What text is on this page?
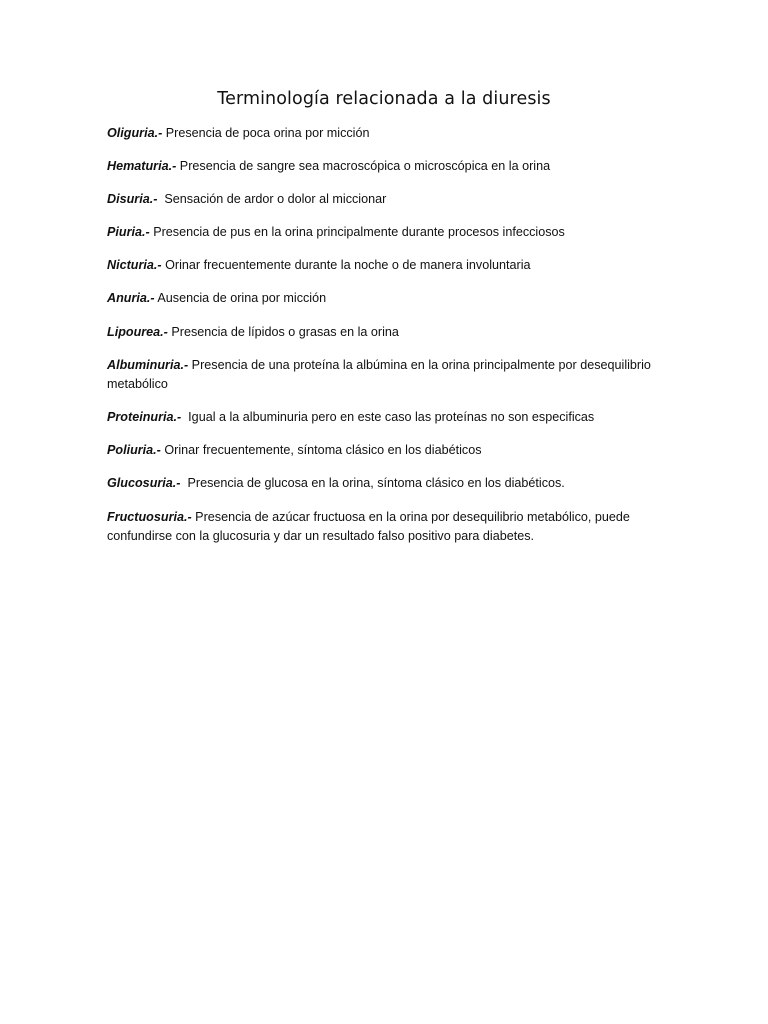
Terminología relacionada a la diuresis

Oliguria.- Presencia de poca orina por micción

Hematuria.- Presencia de sangre sea macroscópica o microscópica en la orina

Disuria.-  Sensación de ardor o dolor al miccionar

Piuria.- Presencia de pus en la orina principalmente durante procesos infecciosos

Nicturia.- Orinar frecuentemente durante la noche o de manera involuntaria

Anuria.- Ausencia de orina por micción

Lipourea.- Presencia de lípidos o grasas en la orina

Albuminuria.- Presencia de una proteína la albúmina en la orina principalmente por desequilibrio metabólico

Proteinuria.-  Igual a la albuminuria pero en este caso las proteínas no son especificas

Poliuria.- Orinar frecuentemente, síntoma clásico en los diabéticos

Glucosuria.-  Presencia de glucosa en la orina, síntoma clásico en los diabéticos.

Fructuosuria.- Presencia de azúcar fructuosa en la orina por desequilibrio metabólico, puede confundirse con la glucosuria y dar un resultado falso positivo para diabetes.
